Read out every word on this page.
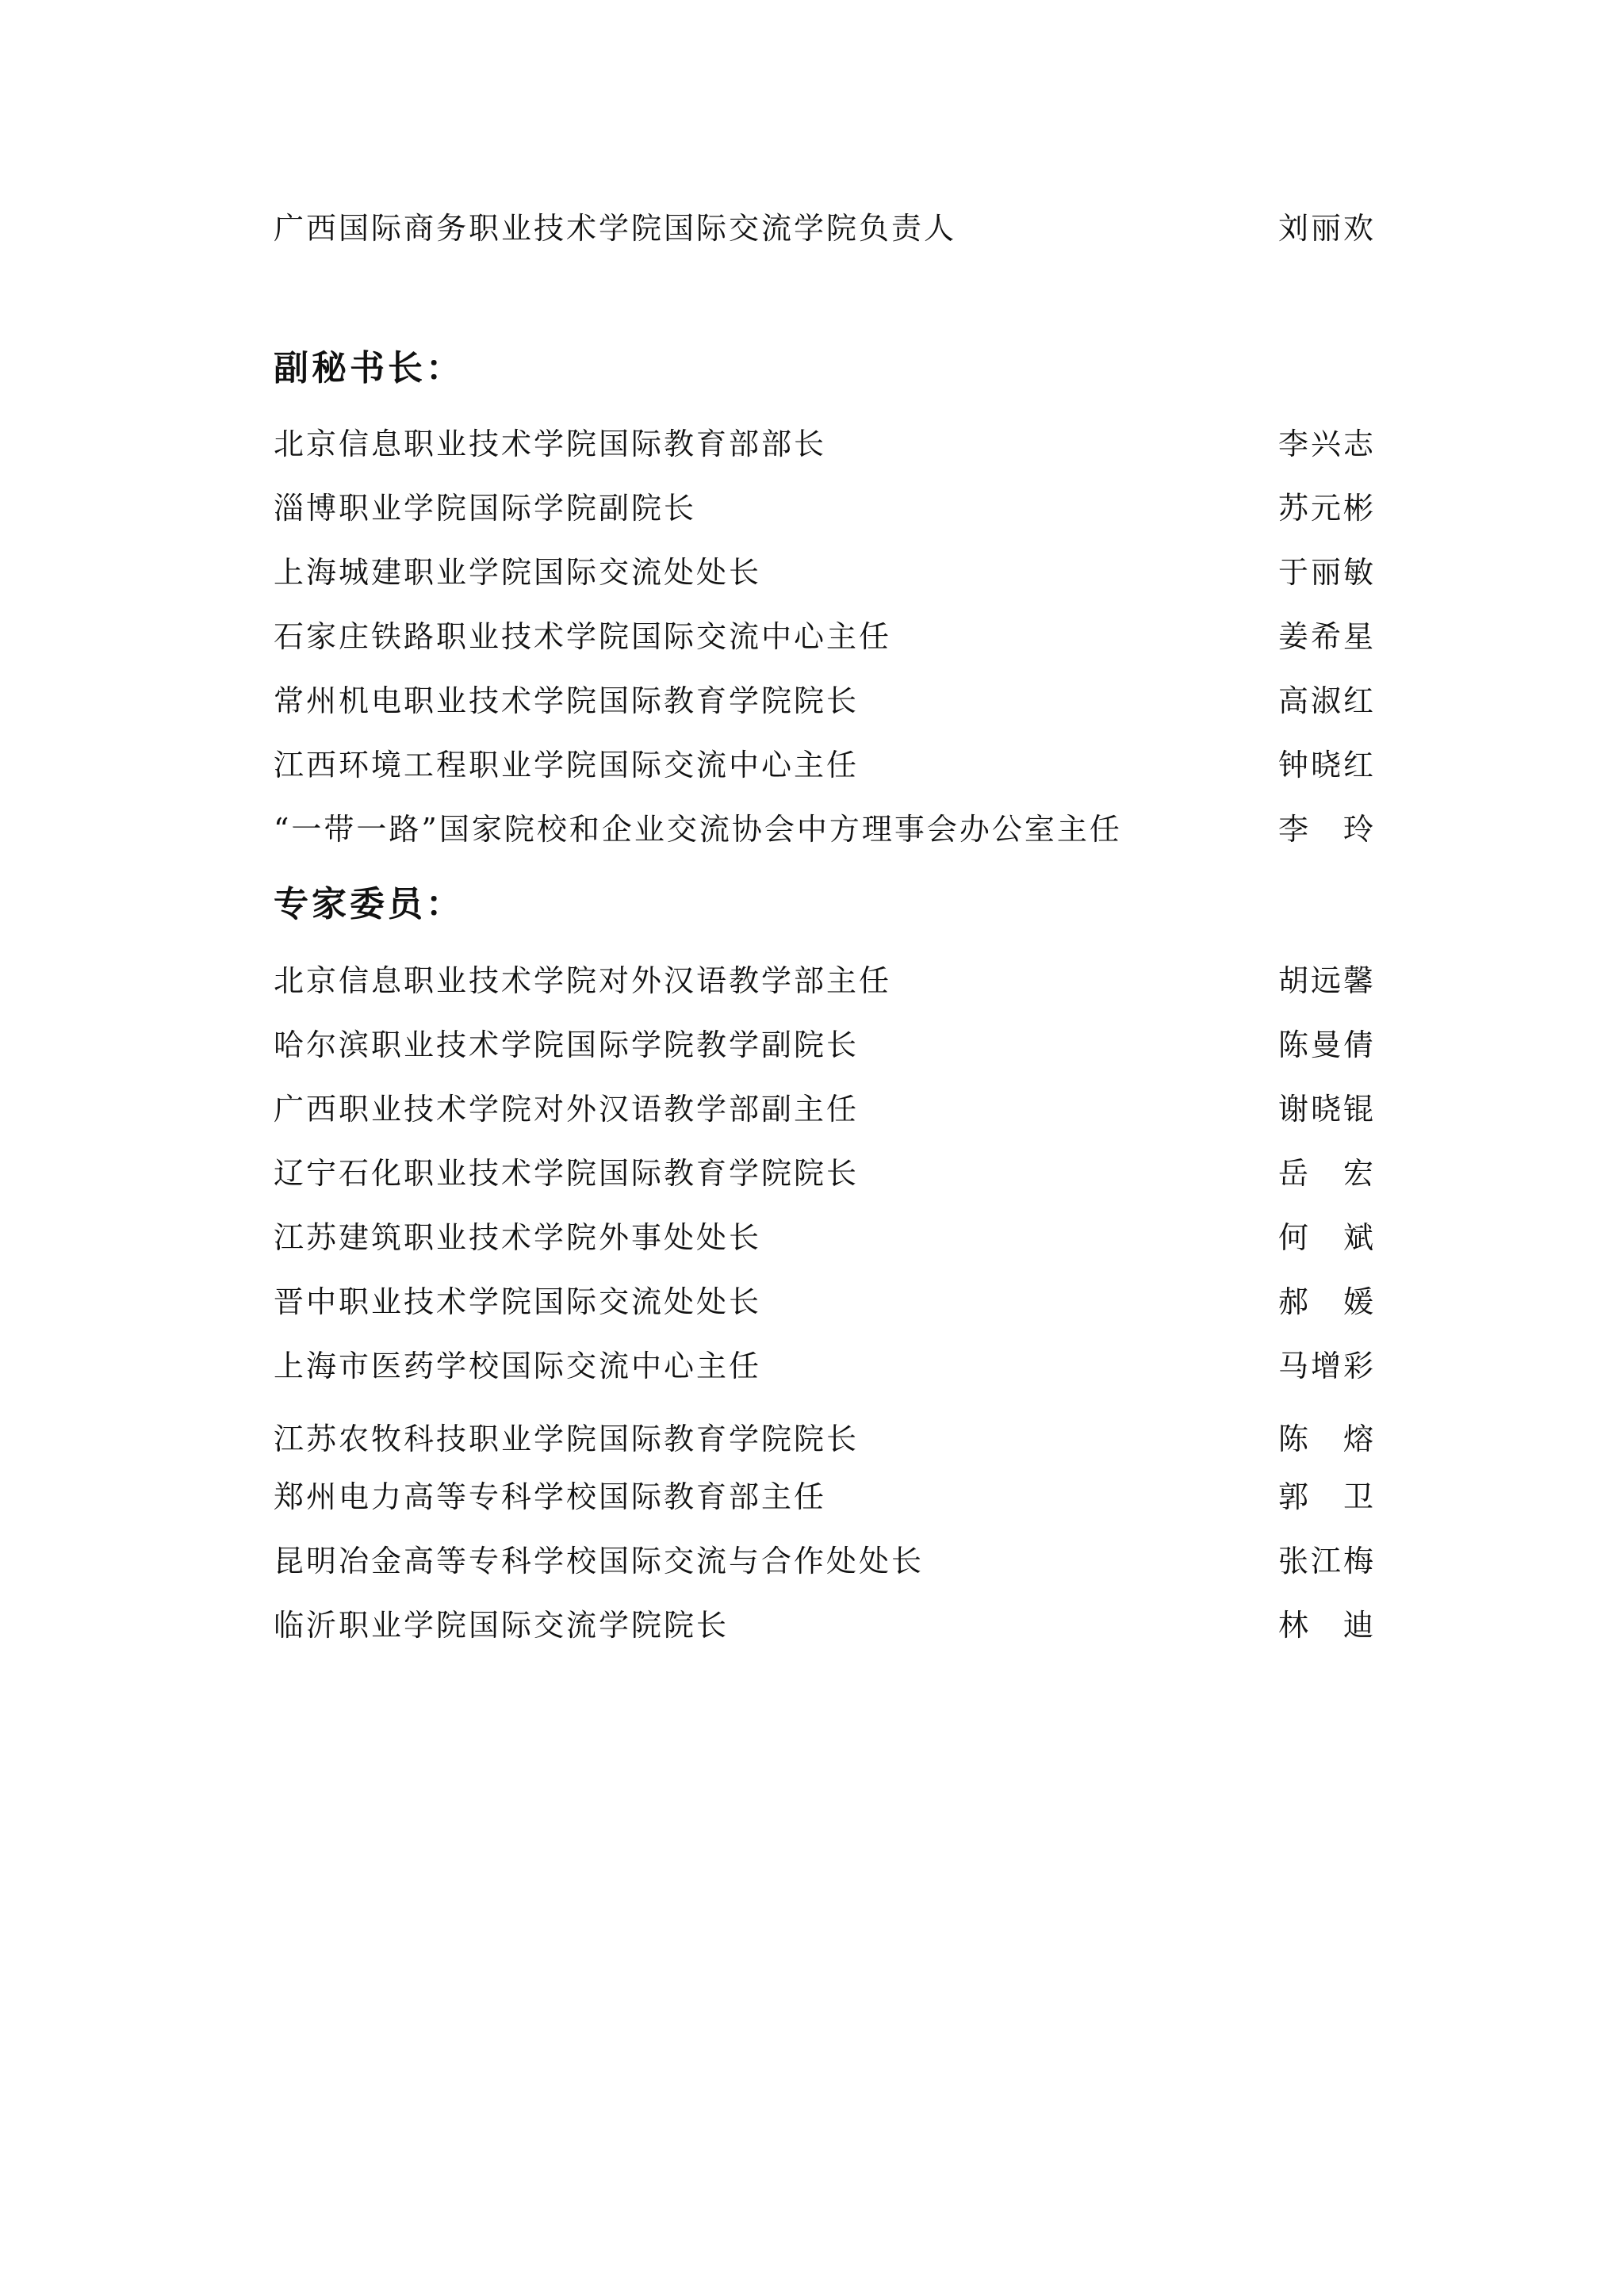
广西国际商务职业技术学院国际交流学院负责人	刘丽欢
副秘书长：
北京信息职业技术学院国际教育部部长	李兴志
淄博职业学院国际学院副院长	苏元彬
上海城建职业学院国际交流处处长	于丽敏
石家庄铁路职业技术学院国际交流中心主任	姜希星
常州机电职业技术学院国际教育学院院长	高淑红
江西环境工程职业学院国际交流中心主任	钟晓红
“一带一路”国家院校和企业交流协会中方理事会办公室主任	李　玲
专家委员：
北京信息职业技术学院对外汉语教学部主任	胡远馨
哈尔滨职业技术学院国际学院教学副院长	陈曼倩
广西职业技术学院对外汉语教学部副主任	谢晓锟
辽宁石化职业技术学院国际教育学院院长	岳　宏
江苏建筑职业技术学院外事处处长	何　斌
晋中职业技术学院国际交流处处长	郝　媛
上海市医药学校国际交流中心主任	马增彩
江苏农牧科技职业学院国际教育学院院长	陈　熔
郑州电力高等专科学校国际教育部主任	郭　卫
昆明冶金高等专科学校国际交流与合作处处长	张江梅
临沂职业学院国际交流学院院长	林　迪
